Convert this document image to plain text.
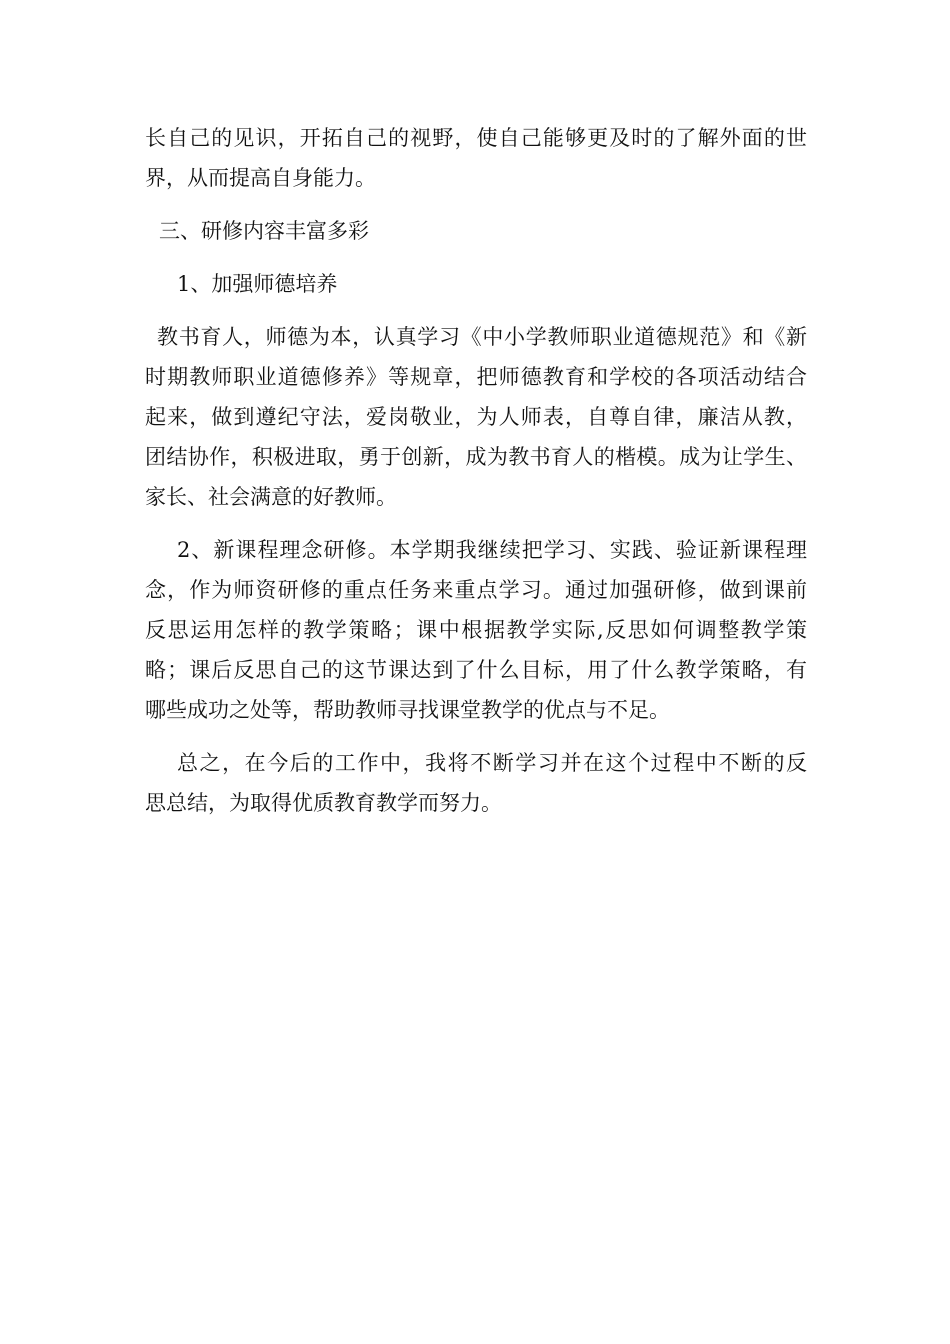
长自己的见识，开拓自己的视野，使自己能够更及时的了解外面的世
界，从而提高自身能力。
三、研修内容丰富多彩
1、加强师德培养
教书育人，师德为本，认真学习《中小学教师职业道德规范》和《新
时期教师职业道德修养》等规章，把师德教育和学校的各项活动结合
起来，做到遵纪守法，爱岗敬业，为人师表，自尊自律，廉洁从教，
团结协作，积极进取，勇于创新，成为教书育人的楷模。成为让学生、
家长、社会满意的好教师。
2、新课程理念研修。本学期我继续把学习、实践、验证新课程理
念，作为师资研修的重点任务来重点学习。通过加强研修，做到课前
反思运用怎样的教学策略；课中根据教学实际,反思如何调整教学策
略；课后反思自己的这节课达到了什么目标，用了什么教学策略，有
哪些成功之处等，帮助教师寻找课堂教学的优点与不足。
总之，在今后的工作中，我将不断学习并在这个过程中不断的反
思总结，为取得优质教育教学而努力。
